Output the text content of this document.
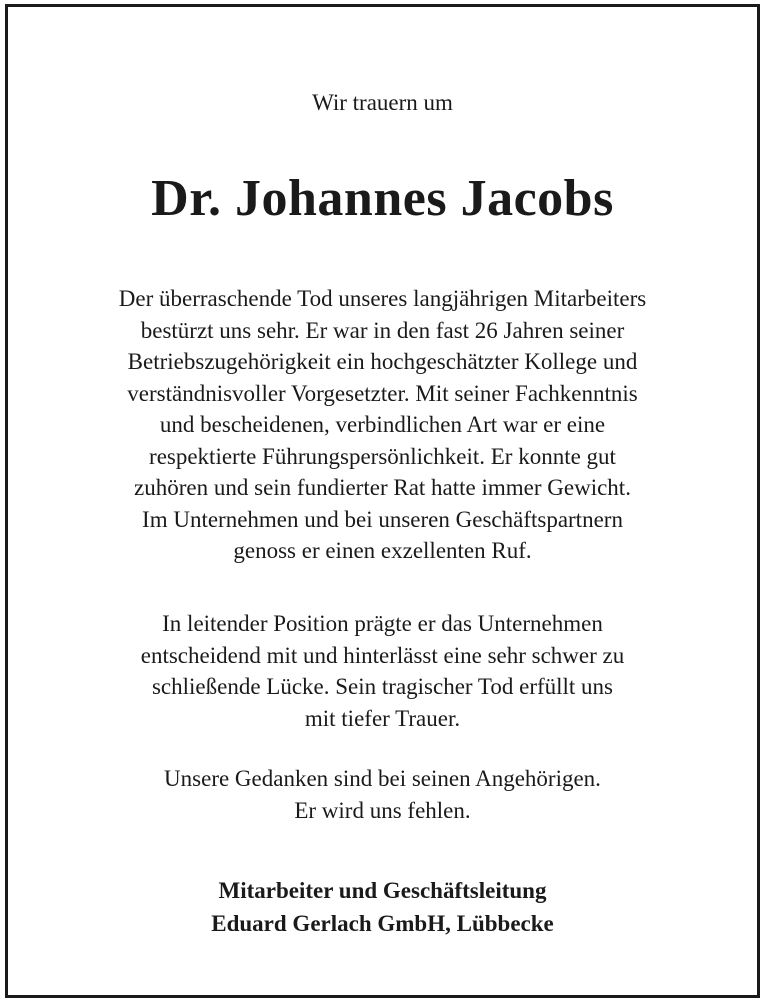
Wir trauern um
Dr. Johannes Jacobs
Der überraschende Tod unseres langjährigen Mitarbeiters
bestürzt uns sehr. Er war in den fast 26 Jahren seiner
Betriebszugehörigkeit ein hochgeschätzter Kollege und
verständnisvoller Vorgesetzter. Mit seiner Fachkenntnis
und bescheidenen, verbindlichen Art war er eine
respektierte Führungspersönlichkeit. Er konnte gut
zuhören und sein fundierter Rat hatte immer Gewicht.
Im Unternehmen und bei unseren Geschäftspartnern
genoss er einen exzellenten Ruf.
In leitender Position prägte er das Unternehmen
entscheidend mit und hinterlässt eine sehr schwer zu
schließende Lücke. Sein tragischer Tod erfüllt uns
mit tiefer Trauer.
Unsere Gedanken sind bei seinen Angehörigen.
Er wird uns fehlen.
Mitarbeiter und Geschäftsleitung
Eduard Gerlach GmbH, Lübbecke
